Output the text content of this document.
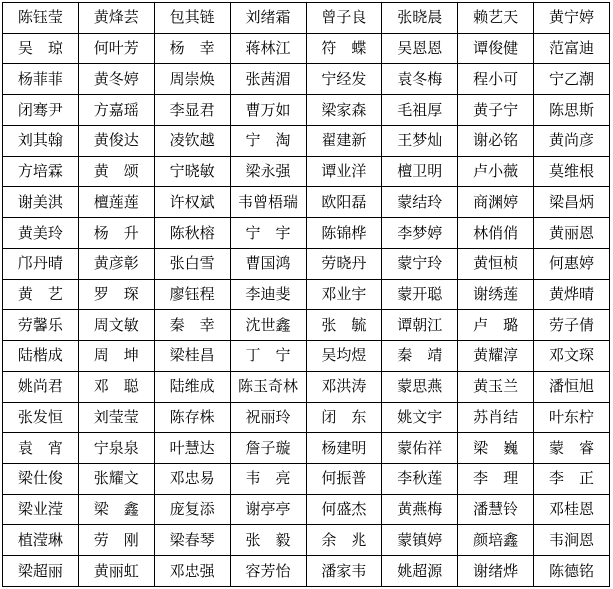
陈钰莹	黄烽芸	包其链	刘绪霜	曾子良	张晓晨	赖艺天	黄宁婷
吴　琼	何叶芳	杨　幸	蒋林江	符　蝶	吴恩恩	谭俊健	范富迪
杨菲菲	黄冬婷	周崇焕	张茜湄	宁经发	袁冬梅	程小可	宁乙潮
闭骞尹	方嘉瑶	李显君	曹万如	梁家森	毛祖厚	黄子宁	陈思斯
刘其翰	黄俊达	凌钦越	宁　淘	翟建新	王梦灿	谢必铭	黄尚彦
方培霖	黄　颂	宁晓敏	梁永强	谭业洋	檀卫明	卢小薇	莫维根
谢美淇	檀莲莲	许权斌	韦曾梧瑞	欧阳磊	蒙结玲	商渊婷	梁昌炳
黄美玲	杨　升	陈秋榕	宁　宇	陈锦桦	李梦婷	林俏俏	黄丽恩
邝丹晴	黄彦彰	张白雪	曹国鸿	劳晓丹	蒙宁玲	黄恒桢	何惠婷
黄　艺	罗　琛	廖钰程	李迪斐	邓业宇	蒙开聪	谢绣莲	黄烨晴
劳馨乐	周文敏	秦　幸	沈世鑫	张　毓	谭朝江	卢　璐	劳子倩
陆楷成	周　坤	梁桂昌	丁　宁	吴均煜	秦　靖	黄耀淳	邓文琛
姚尚君	邓　聪	陆维成	陈玉奇林	邓洪涛	蒙思燕	黄玉兰	潘恒旭
张发恒	刘莹莹	陈存株	祝丽玲	闭　东	姚文宇	苏肖结	叶东柠
袁　宵	宁泉泉	叶慧达	詹子璇	杨建明	蒙佑祥	梁　巍	蒙　睿
梁仕俊	张耀文	邓忠易	韦　亮	何振普	李秋莲	李　理	李　正
梁业滢	梁　鑫	庞复添	谢亭亭	何盛杰	黄燕梅	潘慧铃	邓桂恩
植滢琳	劳　刚	梁春琴	张　毅	余　兆	蒙镇婷	颜培鑫	韦涧恩
梁超丽	黄丽虹	邓忠强	容芳怡	潘家韦	姚超源	谢绪烨	陈德铭
